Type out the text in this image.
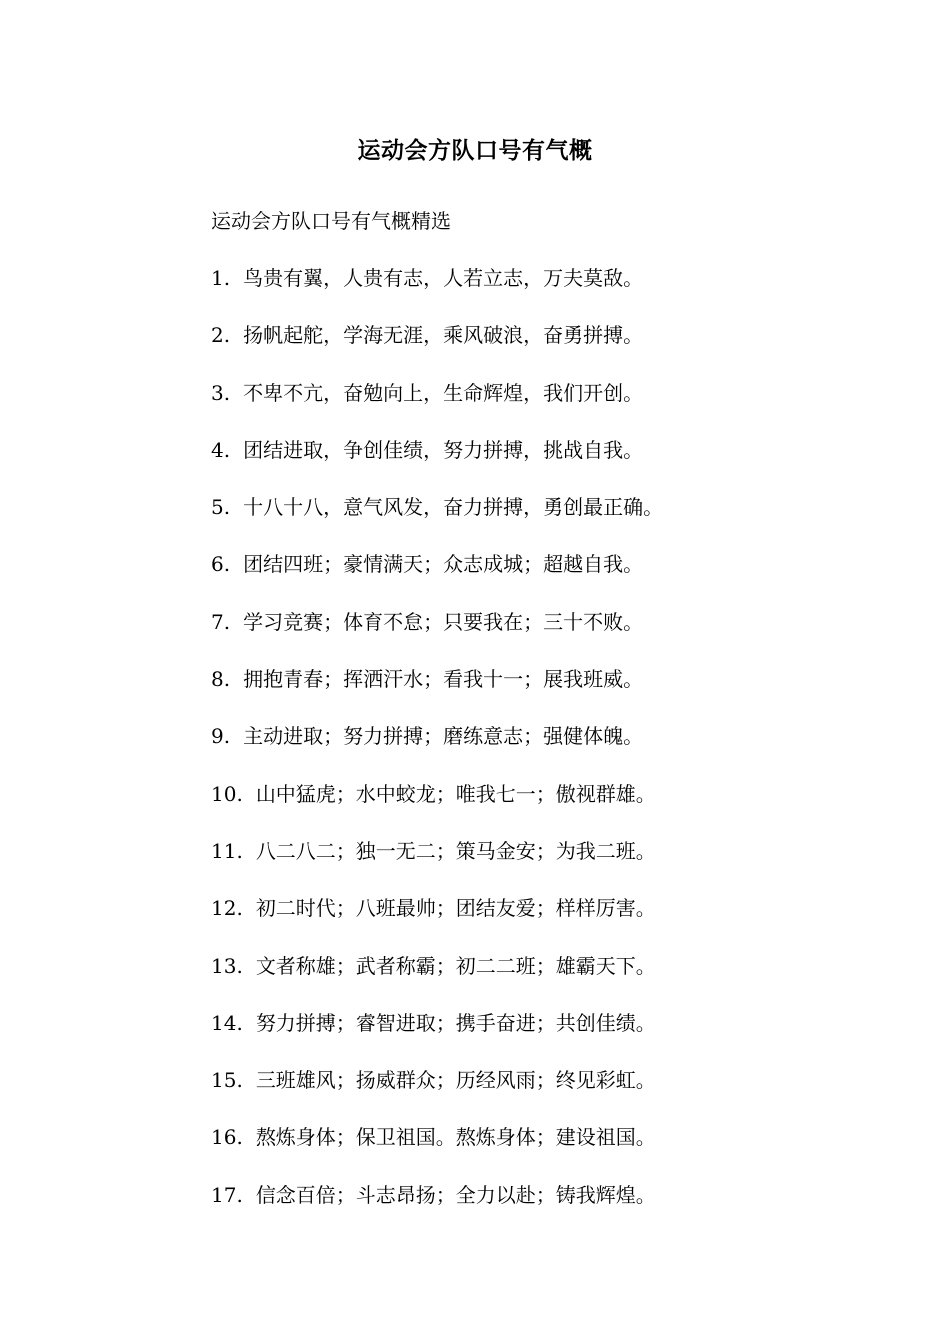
运动会方队口号有气概
运动会方队口号有气概精选
1. 鸟贵有翼，人贵有志，人若立志，万夫莫敌。
2. 扬帆起舵，学海无涯，乘风破浪，奋勇拼搏。
3. 不卑不亢，奋勉向上，生命辉煌，我们开创。
4. 团结进取，争创佳绩，努力拼搏，挑战自我。
5. 十八十八，意气风发，奋力拼搏，勇创最正确。
6. 团结四班；豪情满天；众志成城；超越自我。
7. 学习竞赛；体育不怠；只要我在；三十不败。
8. 拥抱青春；挥洒汗水；看我十一；展我班威。
9. 主动进取；努力拼搏；磨练意志；强健体魄。
10. 山中猛虎；水中蛟龙；唯我七一；傲视群雄。
11. 八二八二；独一无二；策马金安；为我二班。
12. 初二时代；八班最帅；团结友爱；样样厉害。
13. 文者称雄；武者称霸；初二二班；雄霸天下。
14. 努力拼搏；睿智进取；携手奋进；共创佳绩。
15. 三班雄风；扬威群众；历经风雨；终见彩虹。
16. 熬炼身体；保卫祖国。熬炼身体；建设祖国。
17. 信念百倍；斗志昂扬；全力以赴；铸我辉煌。
